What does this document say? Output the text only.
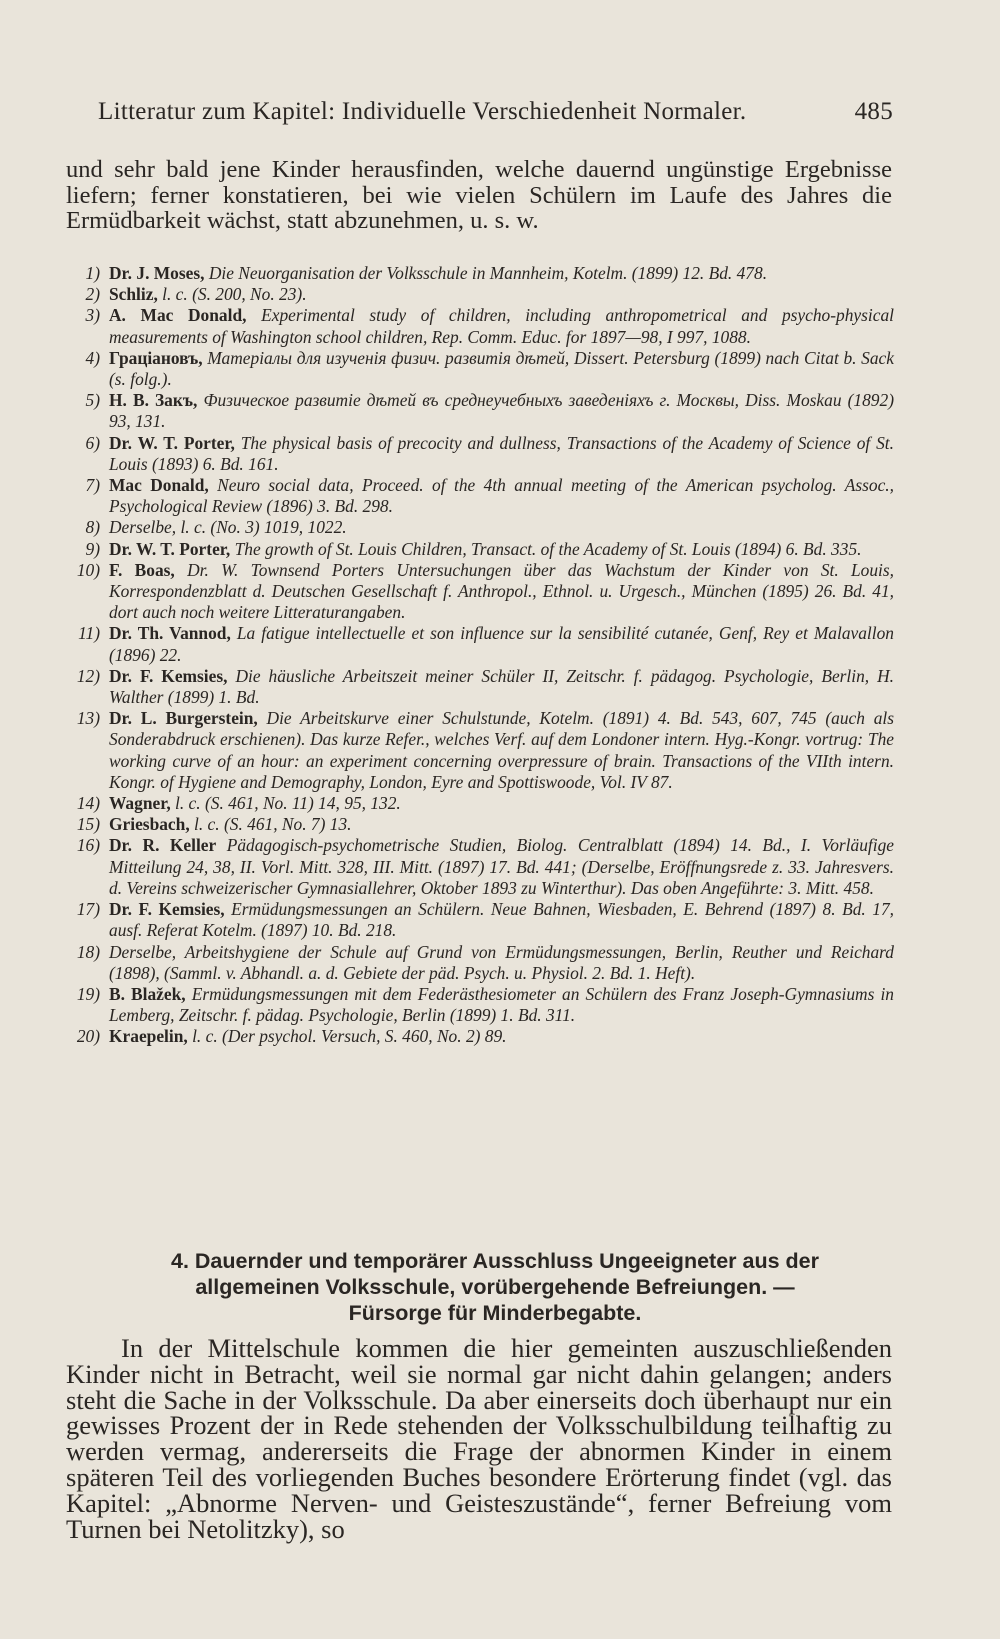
Litteratur zum Kapitel: Individuelle Verschiedenheit Normaler.	485

und sehr bald jene Kinder herausfinden, welche dauernd ungünstige Ergebnisse liefern; ferner konstatieren, bei wie vielen Schülern im Laufe des Jahres die Ermüdbarkeit wächst, statt abzunehmen, u. s. w.

1) Dr. J. Moses, Die Neuorganisation der Volksschule in Mannheim, Kotelm. (1899) 12. Bd. 478.
2) Schliz, l. c. (S. 200, No. 23).
3) A. Mac Donald, Experimental study of children, including anthropometrical and psycho-physical measurements of Washington school children, Rep. Comm. Educ. for 1897—98, I 997, 1088.
4) Граціановъ, Матеріалы для изученія физич. развитія дѣтей, Dissert. Petersburg (1899) nach Citat b. Sack (s. folg.).
5) Н. В. Закъ, Физическое развитіе дѣтей въ среднеучебныхъ заведеніяхъ г. Москвы, Diss. Moskau (1892) 93, 131.
6) Dr. W. T. Porter, The physical basis of precocity and dullness, Transactions of the Academy of Science of St. Louis (1893) 6. Bd. 161.
7) Mac Donald, Neuro social data, Proceed. of the 4th annual meeting of the American psycholog. Assoc., Psychological Review (1896) 3. Bd. 298.
8) Derselbe, l. c. (No. 3) 1019, 1022.
9) Dr. W. T. Porter, The growth of St. Louis Children, Transact. of the Academy of St. Louis (1894) 6. Bd. 335.
10) F. Boas, Dr. W. Townsend Porters Untersuchungen über das Wachstum der Kinder von St. Louis, Korrespondenzblatt d. Deutschen Gesellschaft f. Anthropol., Ethnol. u. Urgesch., München (1895) 26. Bd. 41, dort auch noch weitere Litteraturangaben.
11) Dr. Th. Vannod, La fatigue intellectuelle et son influence sur la sensibilité cutanée, Genf, Rey et Malavallon (1896) 22.
12) Dr. F. Kemsies, Die häusliche Arbeitszeit meiner Schüler II, Zeitschr. f. pädagog. Psychologie, Berlin, H. Walther (1899) 1. Bd.
13) Dr. L. Burgerstein, Die Arbeitskurve einer Schulstunde, Kotelm. (1891) 4. Bd. 543, 607, 745 (auch als Sonderabdruck erschienen). Das kurze Refer., welches Verf. auf dem Londoner intern. Hyg.-Kongr. vortrug: The working curve of an hour: an experiment concerning overpressure of brain. Transactions of the VIIth intern. Kongr. of Hygiene and Demography, London, Eyre and Spottiswoode, Vol. IV 87.
14) Wagner, l. c. (S. 461, No. 11) 14, 95, 132.
15) Griesbach, l. c. (S. 461, No. 7) 13.
16) Dr. R. Keller Pädagogisch-psychometrische Studien, Biolog. Centralblatt (1894) 14. Bd., I. Vorläufige Mitteilung 24, 38, II. Vorl. Mitt. 328, III. Mitt. (1897) 17. Bd. 441; (Derselbe, Eröffnungsrede z. 33. Jahresvers. d. Vereins schweizerischer Gymnasiallehrer, Oktober 1893 zu Winterthur). Das oben Angeführte: 3. Mitt. 458.
17) Dr. F. Kemsies, Ermüdungsmessungen an Schülern. Neue Bahnen, Wiesbaden, E. Behrend (1897) 8. Bd. 17, ausf. Referat Kotelm. (1897) 10. Bd. 218.
18) Derselbe, Arbeitshygiene der Schule auf Grund von Ermüdungsmessungen, Berlin, Reuther und Reichard (1898), (Samml. v. Abhandl. a. d. Gebiete der päd. Psych. u. Physiol. 2. Bd. 1. Heft).
19) B. Blažek, Ermüdungsmessungen mit dem Federästhesiometer an Schülern des Franz Joseph-Gymnasiums in Lemberg, Zeitschr. f. pädag. Psychologie, Berlin (1899) 1. Bd. 311.
20) Kraepelin, l. c. (Der psychol. Versuch, S. 460, No. 2) 89.
4. Dauernder und temporärer Ausschluss Ungeeigneter aus der
allgemeinen Volksschule, vorübergehende Befreiungen. —
Fürsorge für Minderbegabte.

In der Mittelschule kommen die hier gemeinten auszuschließenden Kinder nicht in Betracht, weil sie normal gar nicht dahin gelangen; anders steht die Sache in der Volksschule. Da aber einerseits doch überhaupt nur ein gewisses Prozent der in Rede stehenden der Volksschulbildung teilhaftig zu werden vermag, andererseits die Frage der abnormen Kinder in einem späteren Teil des vorliegenden Buches besondere Erörterung findet (vgl. das Kapitel: „Abnorme Nerven- und Geisteszustände“, ferner Befreiung vom Turnen bei Netolitzky), so
